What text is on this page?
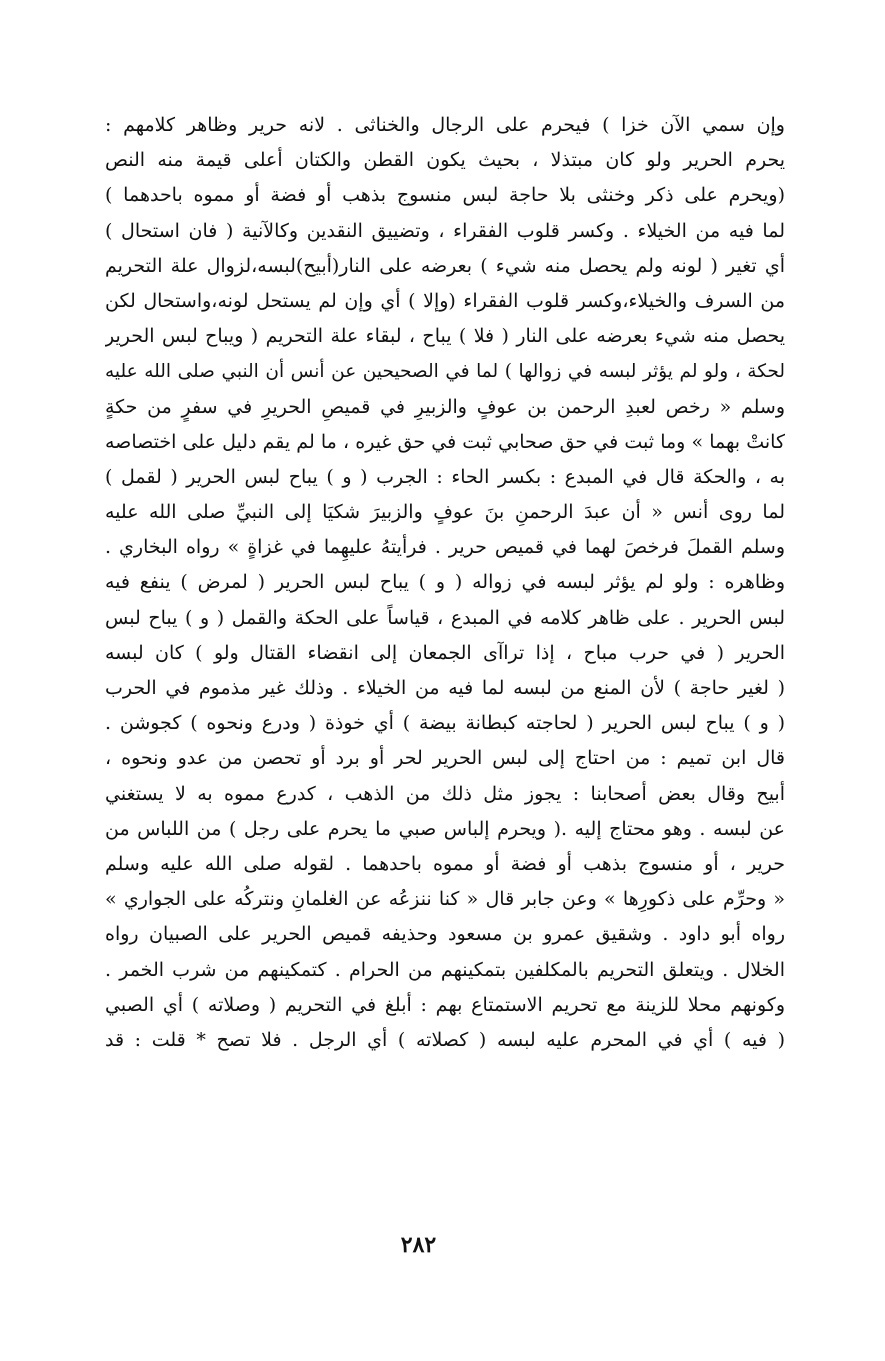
وإن سمي الآن خزا ) فيحرم على الرجال والخناثى . لانه حرير وظاهر كلامهم :
يحرم الحرير ولو كان مبتذلا ، بحيث يكون القطن والكتان أعلى قيمة منه النص
(ويحرم على ذكر وخنثى بلا حاجة لبس منسوج بذهب أو فضة أو مموه باحدهما )
لما فيه من الخيلاء . وكسر قلوب الفقراء ، وتضييق النقدين وكالآنية ( فان استحال )
أي تغير ( لونه ولم يحصل منه شيء ) بعرضه على النار(أبيح)لبسه،لزوال علة التحريم
من السرف والخيلاء،وكسر قلوب الفقراء (وإلا ) أي وإن لم يستحل لونه،واستحال لكن
يحصل منه شيء بعرضه على النار ( فلا ) يباح ، لبقاء علة التحريم ( ويباح لبس الحرير
لحكة ، ولو لم يؤثر لبسه في زوالها ) لما في الصحيحين عن أنس أن النبي صلى الله عليه
وسلم « رخص لعبدِ الرحمن بن عوفٍ والزبيرِ في قميصِ الحريرِ في سفرٍ من حكةٍ
كانتْ بهما » وما ثبت في حق صحابي ثبت في حق غيره ، ما لم يقم دليل على اختصاصه
به ، والحكة قال في المبدع : بكسر الحاء : الجرب ( و ) يباح لبس الحرير ( لقمل )
لما روى أنس « أن عبدَ الرحمنِ بنَ عوفٍ والزبيرَ شكيَا إلى النبيِّ صلى الله عليه
وسلم القملَ فرخصَ لهما في قميص حرير . فرأيتهُ عليهِما في غزاةٍ » رواه البخاري .
وظاهره : ولو لم يؤثر لبسه في زواله ( و ) يباح لبس الحرير ( لمرض ) ينفع فيه
لبس الحرير . على ظاهر كلامه في المبدع ، قياساً على الحكة والقمل ( و ) يباح لبس
الحرير ( في حرب مباح ، إذا تراآى الجمعان إلى انقضاء القتال ولو ) كان لبسه
( لغير حاجة ) لأن المنع من لبسه لما فيه من الخيلاء . وذلك غير مذموم في الحرب
( و ) يباح لبس الحرير ( لحاجته كبطانة بيضة ) أي خوذة ( ودرع ونحوه ) كجوشن .
قال ابن تميم : من احتاج إلى لبس الحرير لحر أو برد أو تحصن من عدو ونحوه ،
أبيح وقال بعض أصحابنا : يجوز مثل ذلك من الذهب ، كدرع مموه به لا يستغني
عن لبسه . وهو محتاج إليه .( ويحرم إلباس صبي ما يحرم على رجل ) من اللباس من
حرير ، أو منسوج بذهب أو فضة أو مموه باحدهما . لقوله صلى الله عليه وسلم
« وحرِّم على ذكورِها » وعن جابر قال « كنا ننزعُه عن الغلمانِ ونتركُه على الجواري »
رواه أبو داود . وشقيق عمرو بن مسعود وحذيفه قميص الحرير على الصبيان رواه
الخلال . ويتعلق التحريم بالمكلفين بتمكينهم من الحرام . كتمكينهم من شرب الخمر .
وكونهم محلا للزينة مع تحريم الاستمتاع بهم : أبلغ في التحريم ( وصلاته ) أي الصبي
( فيه ) أي في المحرم عليه لبسه ( كصلاته ) أي الرجل . فلا تصح * قلت : قد
٢٨٢
